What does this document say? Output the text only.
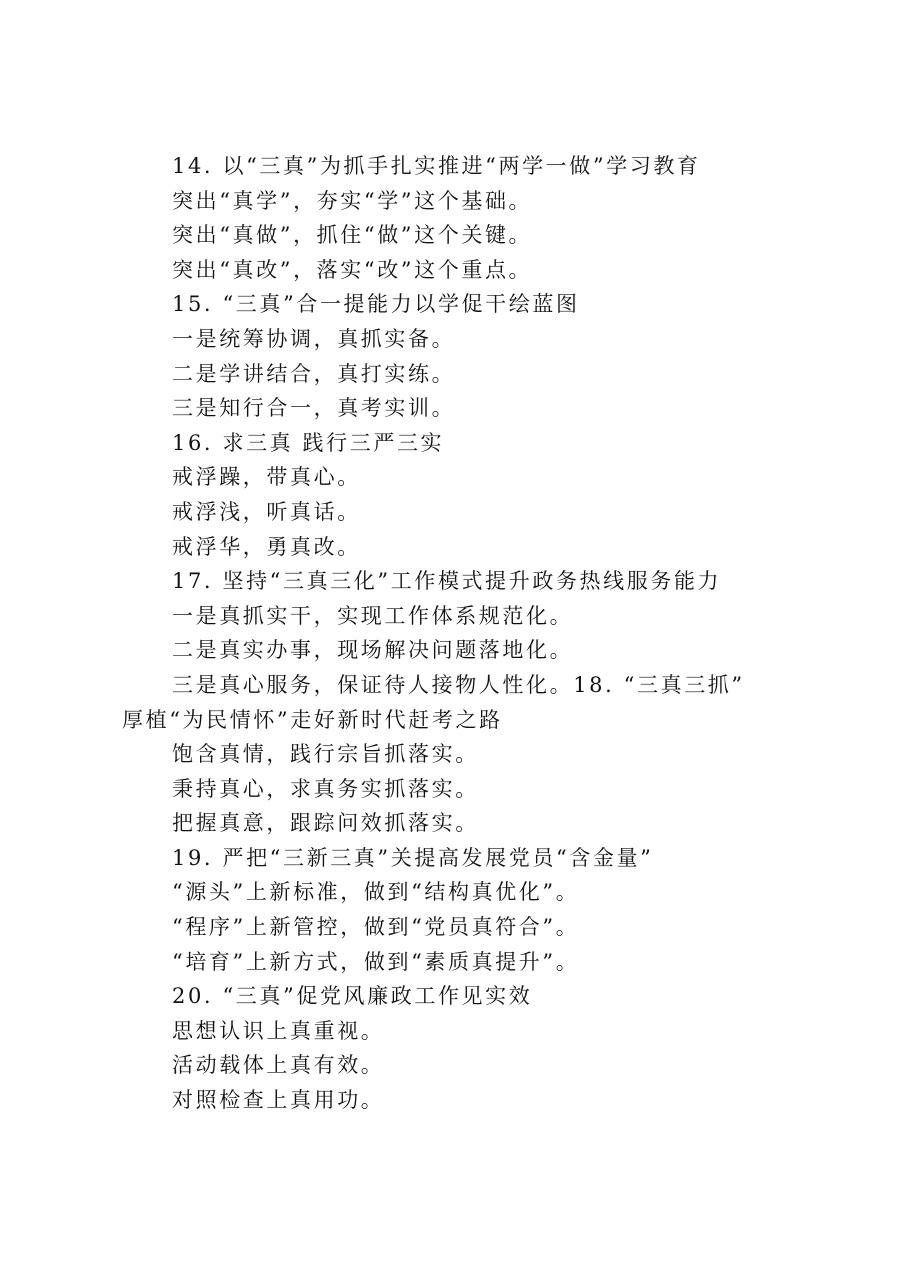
14. 以“三真”为抓手扎实推进“两学一做”学习教育
突出“真学”，夯实“学”这个基础。
突出“真做”，抓住“做”这个关键。
突出“真改”，落实“改”这个重点。
15. “三真”合一提能力以学促干绘蓝图
一是统筹协调，真抓实备。
二是学讲结合，真打实练。
三是知行合一，真考实训。
16. 求三真 践行三严三实
戒浮躁，带真心。
戒浮浅，听真话。
戒浮华，勇真改。
17. 坚持“三真三化”工作模式提升政务热线服务能力
一是真抓实干，实现工作体系规范化。
二是真实办事，现场解决问题落地化。
三是真心服务，保证待人接物人性化。18. “三真三抓”
厚植“为民情怀”走好新时代赶考之路
饱含真情，践行宗旨抓落实。
秉持真心，求真务实抓落实。
把握真意，跟踪问效抓落实。
19. 严把“三新三真”关提高发展党员“含金量”
“源头”上新标准，做到“结构真优化”。
“程序”上新管控，做到“党员真符合”。
“培育”上新方式，做到“素质真提升”。
20. “三真”促党风廉政工作见实效
思想认识上真重视。
活动载体上真有效。
对照检查上真用功。
